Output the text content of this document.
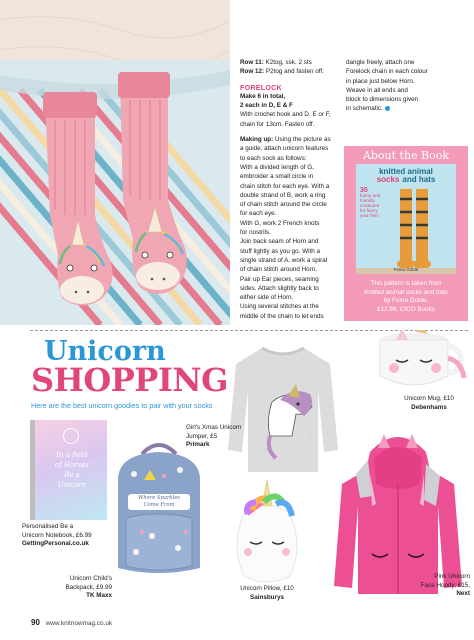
Row 11: K2tog, ssk. 2 sts
Row 12: P2tog and fasten off.
FORELOCK
Make 6 in total,
2 each in D, E & F
With crochet hook and D, E or F,
chain for 13cm. Fasten off.
Making up: Using the picture as
a guide, attach unicorn features
to each sock as follows:
With a divided length of G,
embroider a small circle in
chain stitch for each eye. With a
double strand of B, work a ring
of chain stitch around the circle
for each eye.
With G, work 2 French knots
for nostrils.
Join back seam of Horn and
stuff lightly as you go. With a
single strand of A, work a spiral
of chain stitch around Horn.
Pair up Ear pieces, seaming
sides. Attach slightly back to
either side of Horn.
Using several stitches at the
middle of the chain to let ends
dangle freely, attach one
Forelock chain in each colour
in place just below Horn.
Weave in all ends and
block to dimensions given
in schematic.
About the Book
knitted animal
socks and hats
35
funny and
friendly
creatures
for fancy
your feet
Fiona Goble
This pattern is taken from
Knitted animal socks and hats
by Fiona Goble,
£12.99, CICO Books
Unicorn
SHOPPING
Here are the best unicorn goodies to pair with your socks
Unicorn Mug, £10
Debenhams
Girl's Xmas Unicorn
Jumper, £5
Primark
In a field
of Horses
Be a
Unicorn
Personalised Be a
Unicorn Notebook, £6.99
GettingPersonal.co.uk
Where Sparkles
Come From
Unicorn Child's
Backpack, £9.99
TK Maxx
Unicorn Pillow, £10
Sainsburys
Pink Unicorn
Face Hoody, £15,
Next
90 www.knitnowmag.co.uk
